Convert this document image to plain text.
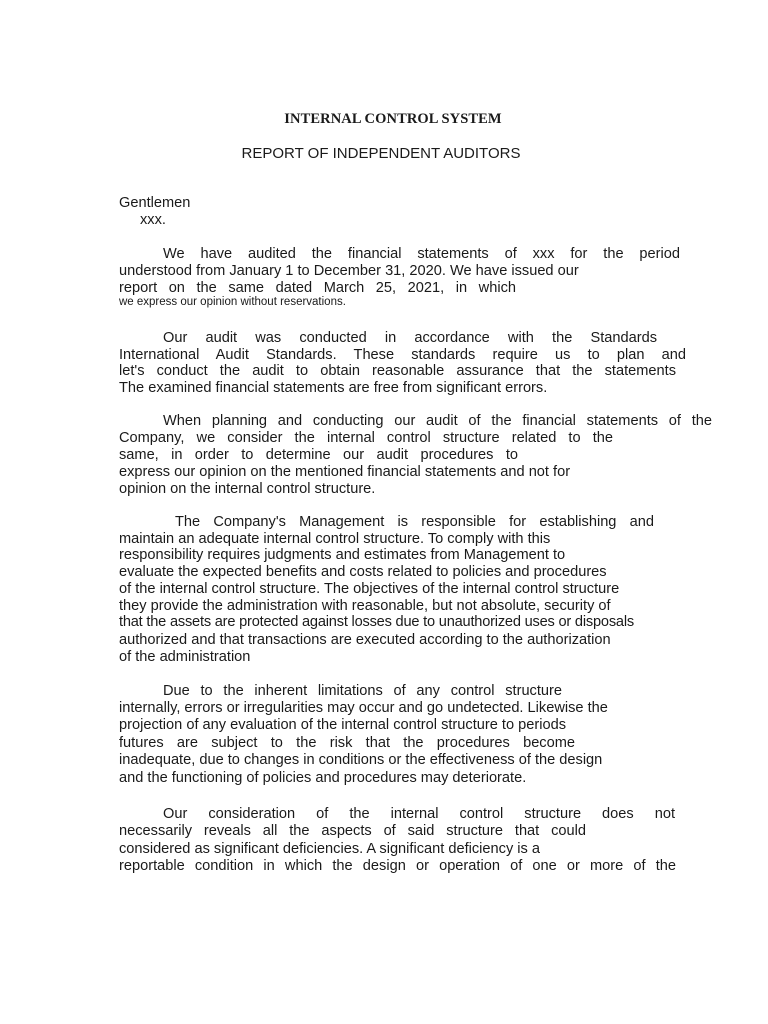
INTERNAL CONTROL SYSTEM
REPORT OF INDEPENDENT AUDITORS
Gentlemen
xxx.
We have audited the financial statements of xxx for the period
understood from January 1 to December 31, 2020. We have issued our
report on the same dated March 25, 2021, in which
we express our opinion without reservations.
Our audit was conducted in accordance with the Standards
International Audit Standards. These standards require us to plan and
let's conduct the audit to obtain reasonable assurance that the statements
The examined financial statements are free from significant errors.
When planning and conducting our audit of the financial statements of the
Company, we consider the internal control structure related to the
same, in order to determine our audit procedures to
express our opinion on the mentioned financial statements and not for
opinion on the internal control structure.
The Company's Management is responsible for establishing and
maintain an adequate internal control structure. To comply with this
responsibility requires judgments and estimates from Management to
evaluate the expected benefits and costs related to policies and procedures
of the internal control structure. The objectives of the internal control structure
they provide the administration with reasonable, but not absolute, security of
that the assets are protected against losses due to unauthorized uses or disposals
authorized and that transactions are executed according to the authorization
of the administration
Due to the inherent limitations of any control structure
internally, errors or irregularities may occur and go undetected. Likewise the
projection of any evaluation of the internal control structure to periods
futures are subject to the risk that the procedures become
inadequate, due to changes in conditions or the effectiveness of the design
and the functioning of policies and procedures may deteriorate.
Our consideration of the internal control structure does not
necessarily reveals all the aspects of said structure that could
considered as significant deficiencies. A significant deficiency is a
reportable condition in which the design or operation of one or more of the
